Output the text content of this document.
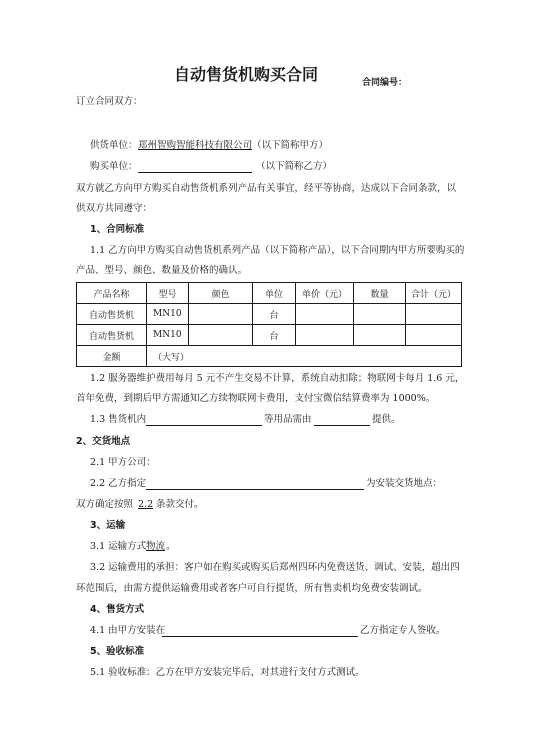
自动售货机购买合同	合同编号：
订立合同双方：
供货单位： 郑州智购智能科技有限公司 （以下简称甲方）
购买单位：	（以下简称乙方）
双方就乙方向甲方购买自动售货机系列产品有关事宜，经平等协商，达成以下合同条款，以
供双方共同遵守：
1、合同标准
1.1 乙方向甲方购买自动售货机系列产品（以下简称产品），以下合同期内甲方所要购买的
产品、型号、颜色、数量及价格的确认。
产品名称	型号	颜色	单位	单价（元）	数量	合计（元）
自动售货机	MN10		台			
自动售货机	MN10		台			
金额	（大写）					
1.2 服务器维护费用每月 5 元不产生交易不计算，系统自动扣除；物联网卡每月 1.6 元，
首年免费，到期后甲方需通知乙方续物联网卡费用，支付宝微信结算费率为 1000%。
1.3 售货机内	等用品需由	提供。
2、交货地点
2.1 甲方公司：
2.2 乙方指定	为安装交货地点：
双方确定按照 2.2 条款交付。
3、运输
3.1 运输方式 物流 。
3.2 运输费用的承担：客户如在购买或购买后郑州四环内免费送货、调试、安装，超出四
环范围后，由需方提供运输费用或者客户可自行提货，所有售卖机均免费安装调试。
4、售货方式
4.1 由甲方安装在	乙方指定专人签收。
5、验收标准
5.1 验收标准：乙方在甲方安装完毕后，对其进行支付方式测试。
